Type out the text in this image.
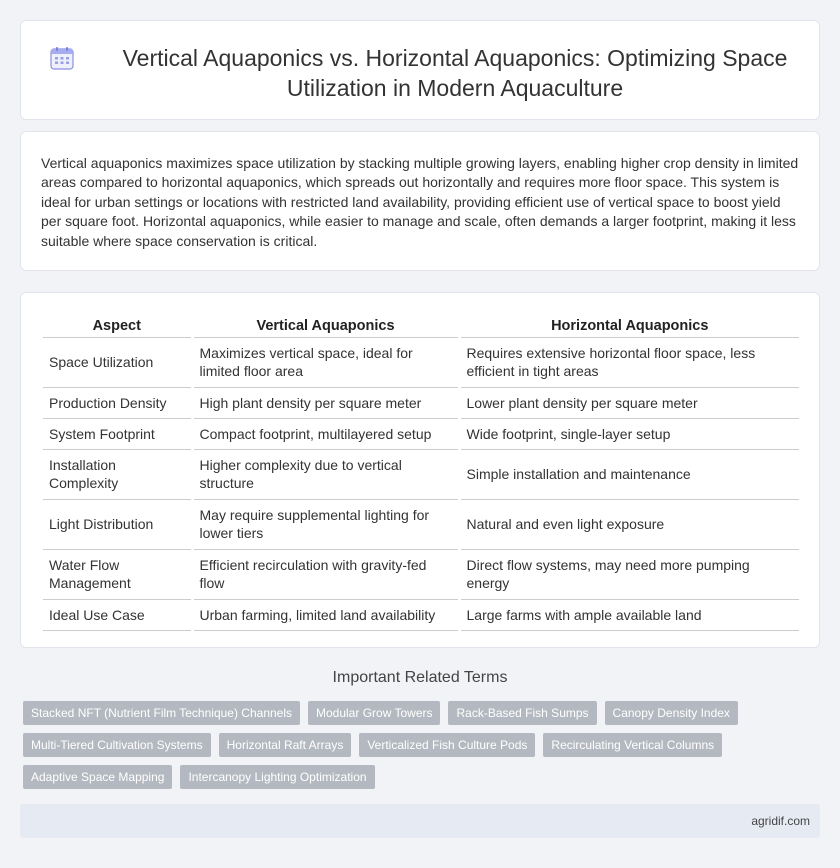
Vertical Aquaponics vs. Horizontal Aquaponics: Optimizing Space Utilization in Modern Aquaculture

Vertical aquaponics maximizes space utilization by stacking multiple growing layers, enabling higher crop density in limited areas compared to horizontal aquaponics, which spreads out horizontally and requires more floor space. This system is ideal for urban settings or locations with restricted land availability, providing efficient use of vertical space to boost yield per square foot. Horizontal aquaponics, while easier to manage and scale, often demands a larger footprint, making it less suitable where space conservation is critical.

Aspect	Vertical Aquaponics	Horizontal Aquaponics
Space Utilization	Maximizes vertical space, ideal for limited floor area	Requires extensive horizontal floor space, less efficient in tight areas
Production Density	High plant density per square meter	Lower plant density per square meter
System Footprint	Compact footprint, multilayered setup	Wide footprint, single-layer setup
Installation Complexity	Higher complexity due to vertical structure	Simple installation and maintenance
Light Distribution	May require supplemental lighting for lower tiers	Natural and even light exposure
Water Flow Management	Efficient recirculation with gravity-fed flow	Direct flow systems, may need more pumping energy
Ideal Use Case	Urban farming, limited land availability	Large farms with ample available land
Important Related Terms
Stacked NFT (Nutrient Film Technique) Channels	Modular Grow Towers	Rack-Based Fish Sumps	Canopy Density Index
Multi-Tiered Cultivation Systems	Horizontal Raft Arrays	Verticalized Fish Culture Pods	Recirculating Vertical Columns
Adaptive Space Mapping	Intercanopy Lighting Optimization
agridif.com
